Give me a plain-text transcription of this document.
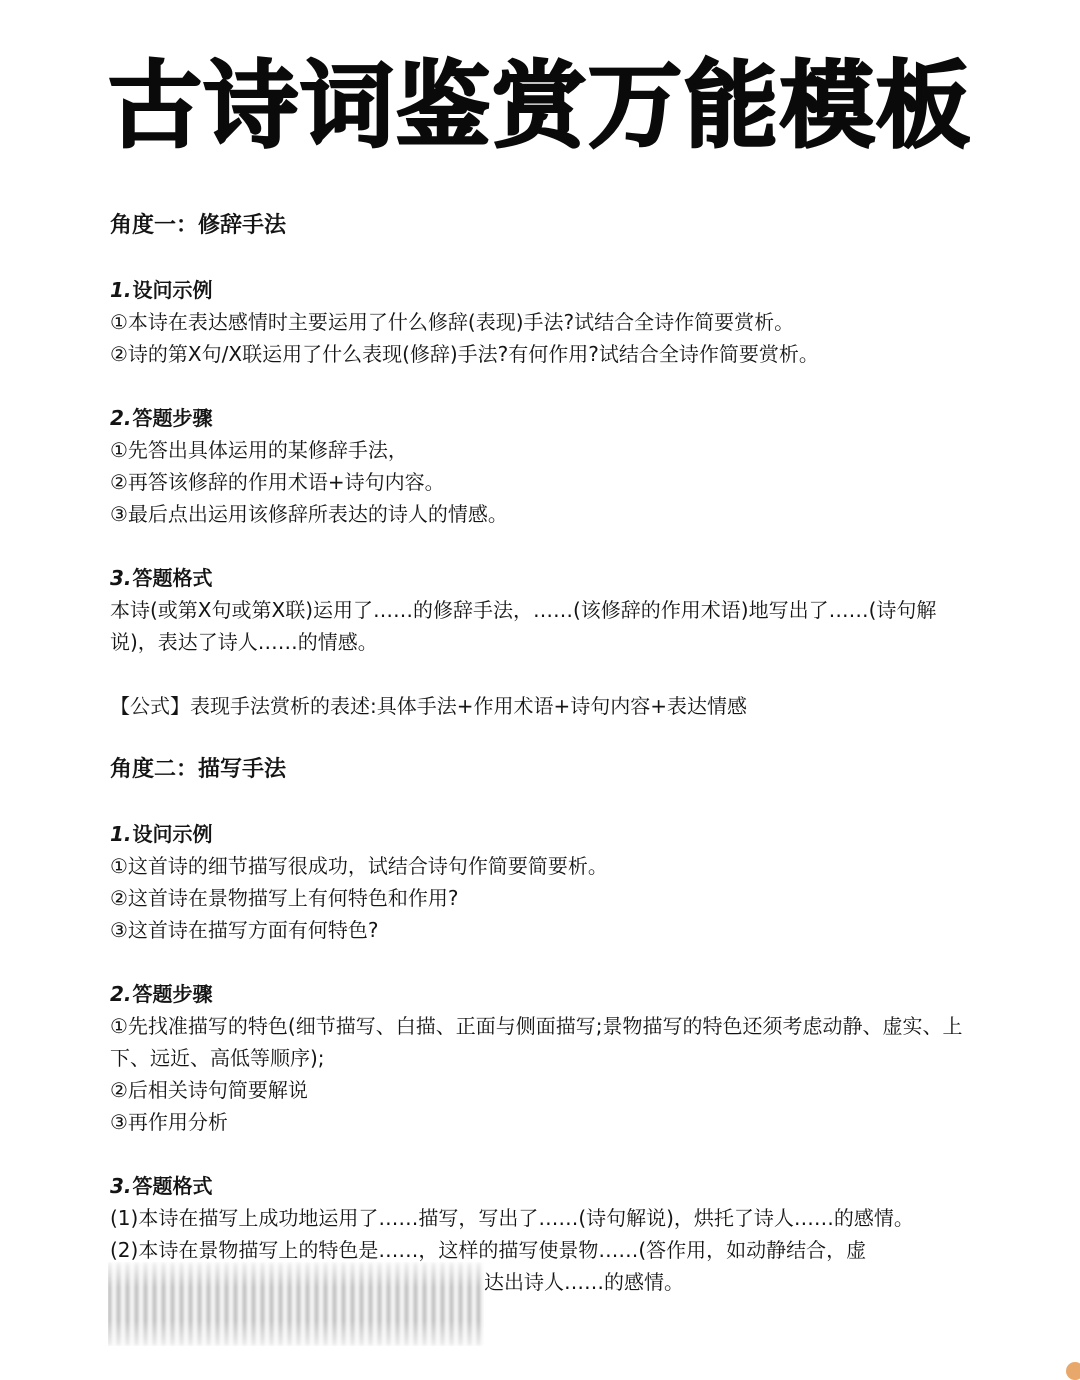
古诗词鉴赏万能模板
角度一：修辞手法
1.设问示例
①本诗在表达感情时主要运用了什么修辞(表现)手法?试结合全诗作简要赏析。
②诗的第X句/X联运用了什么表现(修辞)手法?有何作用?试结合全诗作简要赏析。
2.答题步骤
①先答出具体运用的某修辞手法，
②再答该修辞的作用术语+诗句内容。
③最后点出运用该修辞所表达的诗人的情感。
3.答题格式
本诗(或第X句或第X联)运用了……的修辞手法，……(该修辞的作用术语)地写出了……(诗句解说)，表达了诗人……的情感。
【公式】表现手法赏析的表述:具体手法+作用术语+诗句内容+表达情感
角度二：描写手法
1.设问示例
①这首诗的细节描写很成功，试结合诗句作简要简要析。
②这首诗在景物描写上有何特色和作用?
③这首诗在描写方面有何特色?
2.答题步骤
①先找准描写的特色(细节描写、白描、正面与侧面描写;景物描写的特色还须考虑动静、虚实、上下、远近、高低等顺序);
②后相关诗句简要解说
③再作用分析
3.答题格式
(1)本诗在描写上成功地运用了……描写，写出了……(诗句解说)，烘托了诗人……的感情。
(2)本诗在景物描写上的特色是……，这样的描写使景物……(答作用，如动静结合，虚
达出诗人……的感情。
